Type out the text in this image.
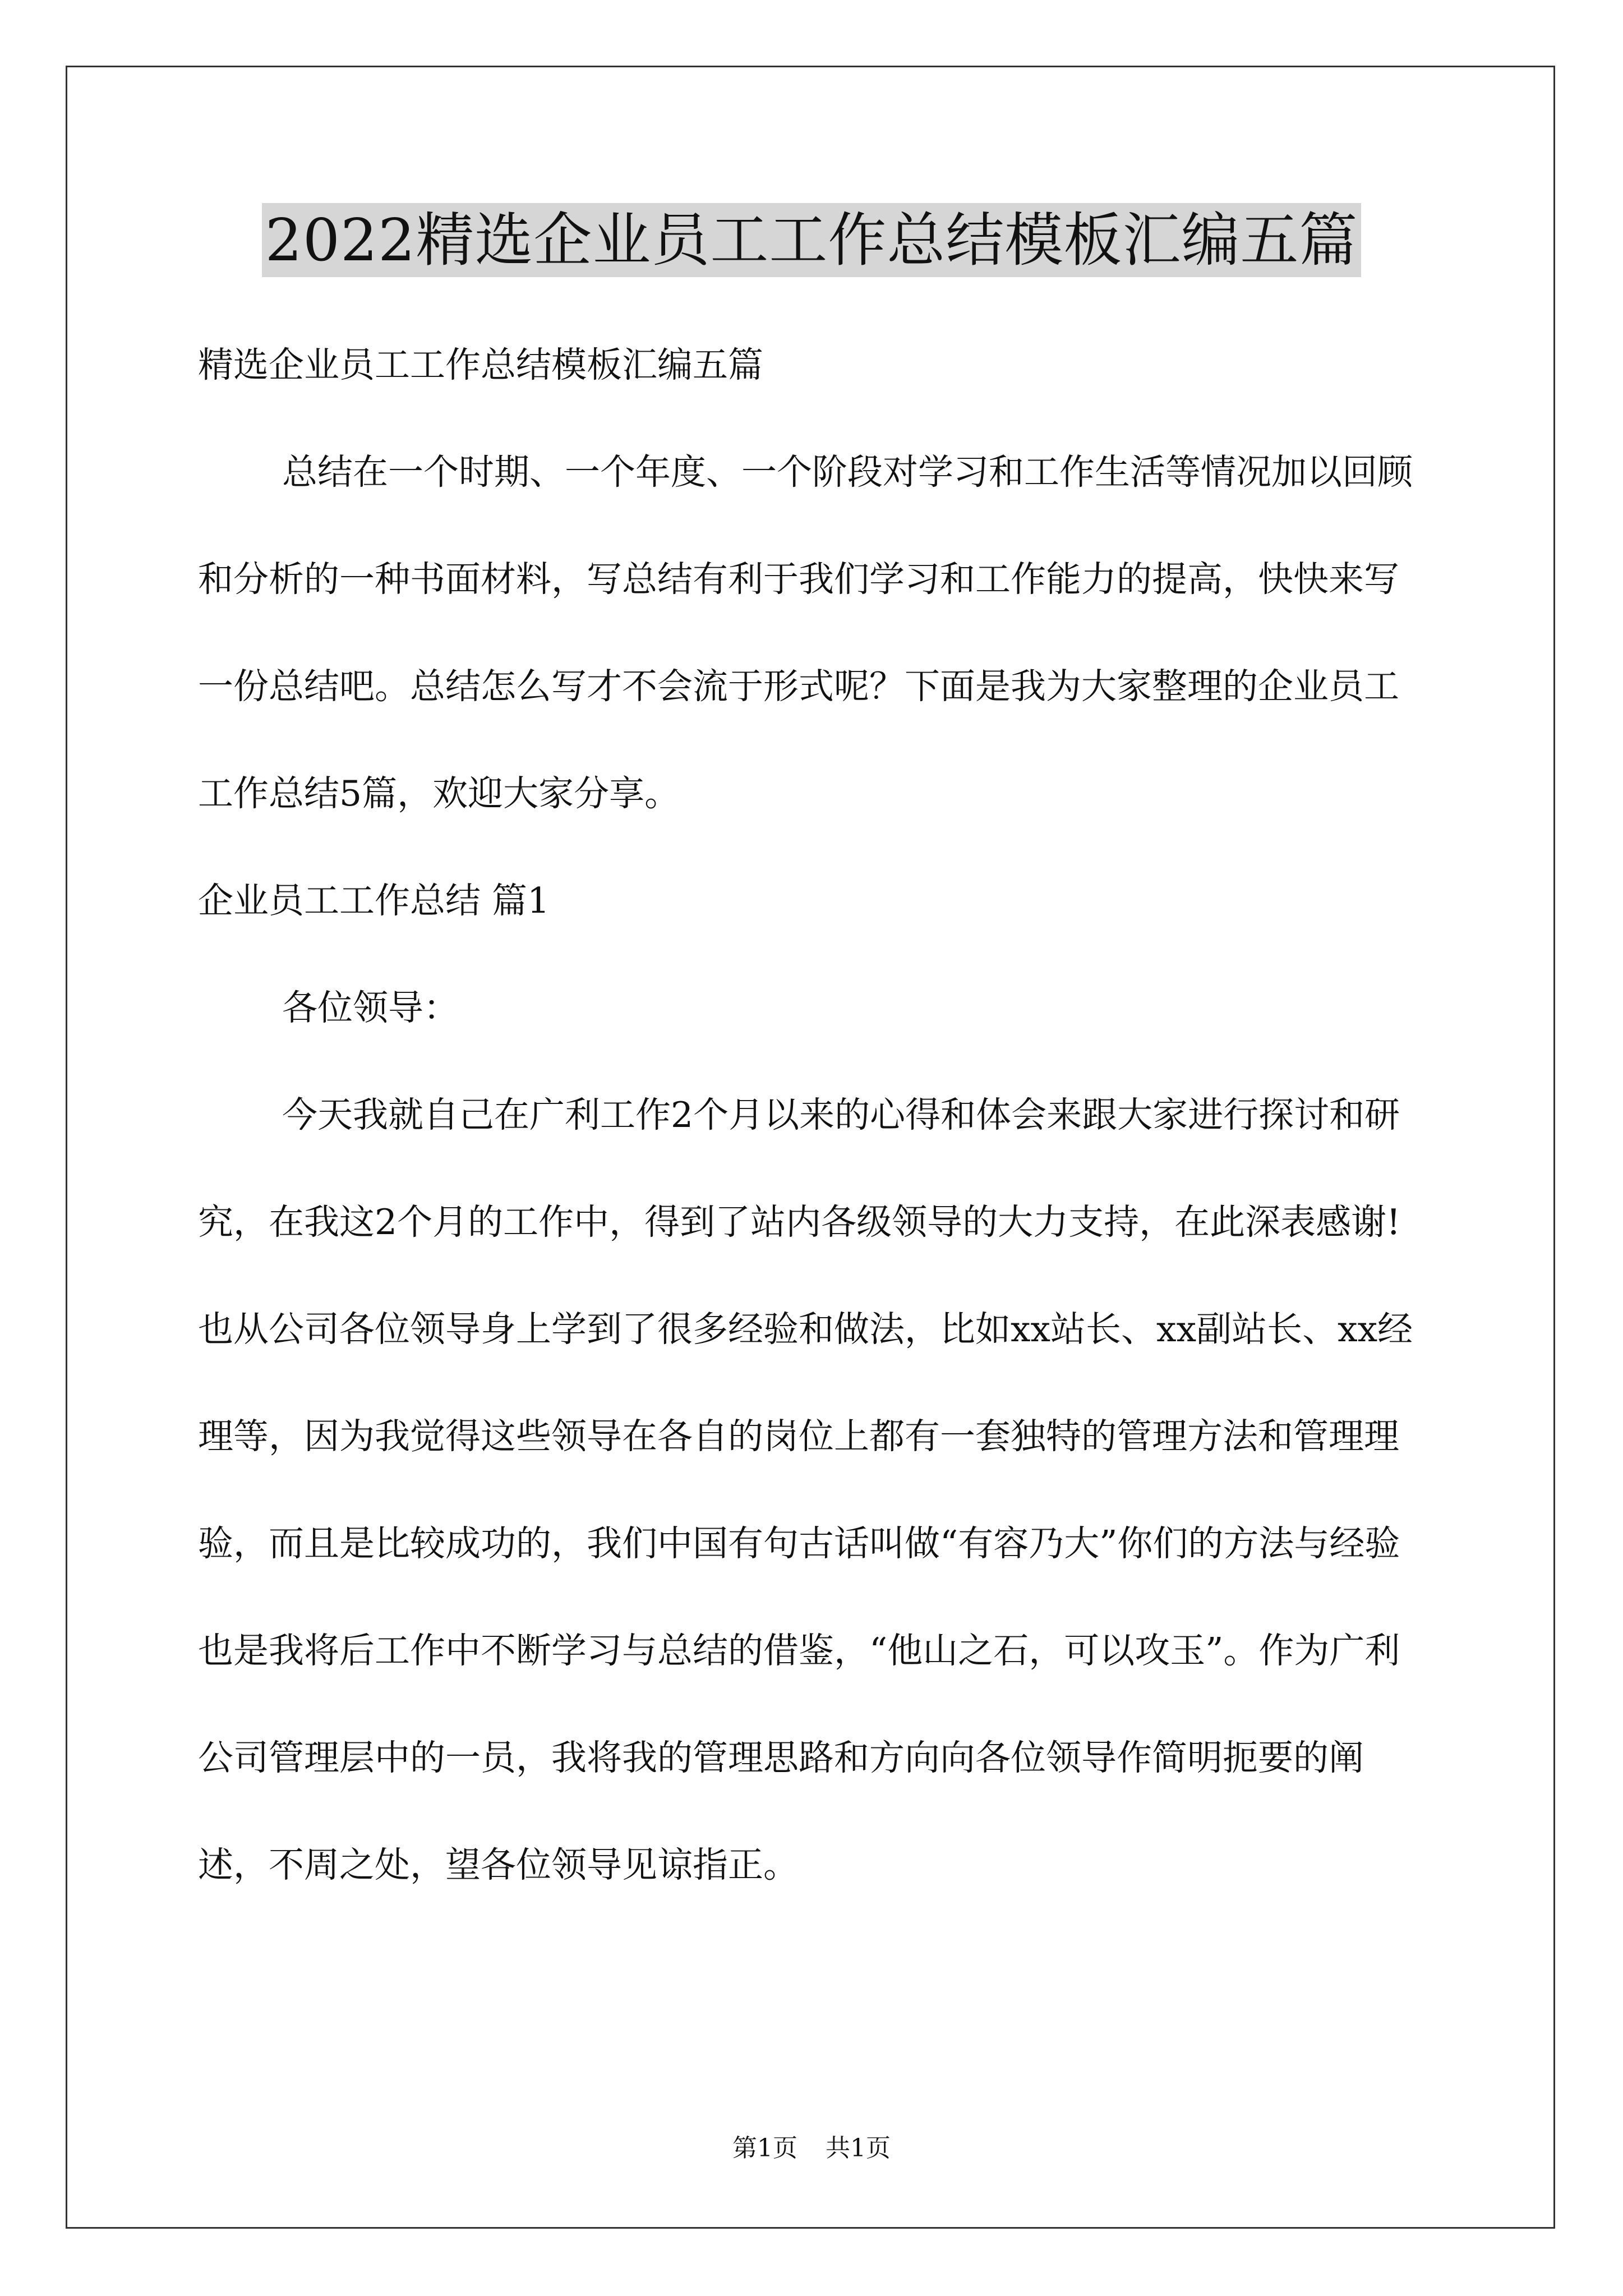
2022精选企业员工工作总结模板汇编五篇

精选企业员工工作总结模板汇编五篇

总结在一个时期、一个年度、一个阶段对学习和工作生活等情况加以回顾和分析的一种书面材料，写总结有利于我们学习和工作能力的提高，快快来写一份总结吧。总结怎么写才不会流于形式呢？下面是我为大家整理的企业员工工作总结5篇，欢迎大家分享。

企业员工工作总结 篇1

各位领导：

今天我就自己在广利工作2个月以来的心得和体会来跟大家进行探讨和研究，在我这2个月的工作中，得到了站内各级领导的大力支持，在此深表感谢!也从公司各位领导身上学到了很多经验和做法，比如xx站长、xx副站长、xx经理等，因为我觉得这些领导在各自的岗位上都有一套独特的管理方法和管理理验，而且是比较成功的，我们中国有句古话叫做“有容乃大”你们的方法与经验也是我将后工作中不断学习与总结的借鉴，“他山之石，可以攻玉”。作为广利公司管理层中的一员，我将我的管理思路和方向向各位领导作简明扼要的阐述，不周之处，望各位领导见谅指正。

第1页 共1页
